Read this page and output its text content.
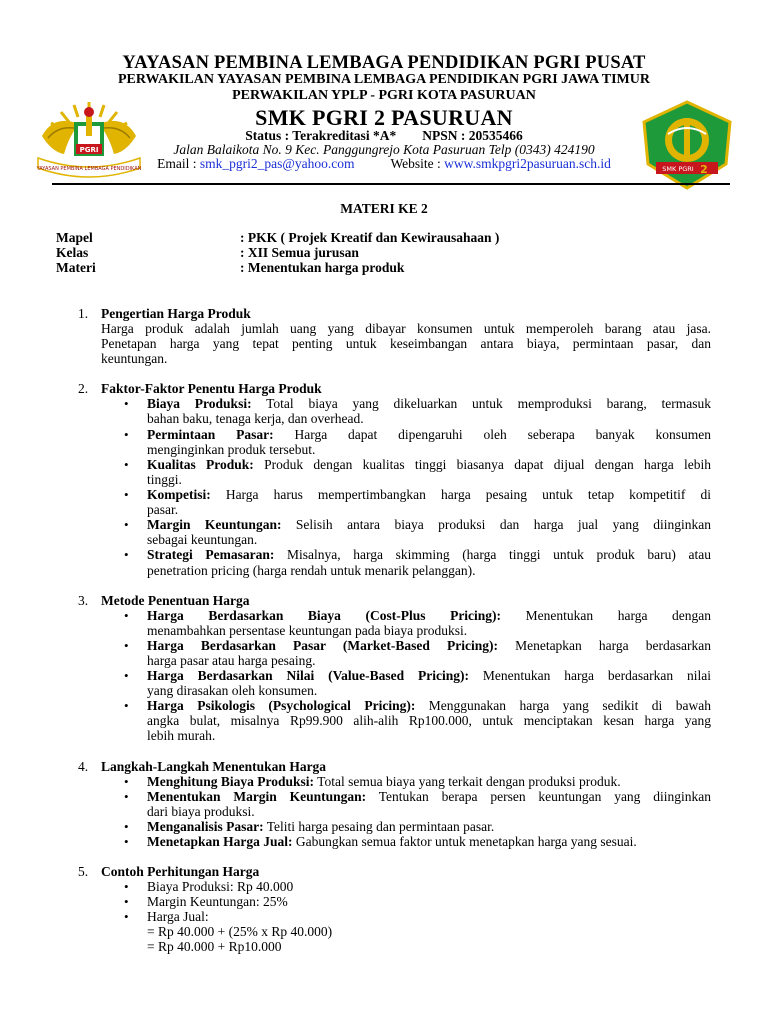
PGRI
YAYASAN PEMBINA LEMBAGA PENDIDIKAN	SMK PGRI 2
YAYASAN PEMBINA LEMBAGA PENDIDIKAN PGRI PUSAT
PERWAKILAN YAYASAN PEMBINA LEMBAGA PENDIDIKAN PGRI JAWA TIMUR
PERWAKILAN YPLP - PGRI KOTA PASURUAN
SMK PGRI 2 PASURUAN
Status : Terakreditasi *A* NPSN : 20535466
Jalan Balaikota No. 9 Kec. Panggungrejo Kota Pasuruan Telp (0343) 424190
Email : smk_pgri2_pas@yahoo.com	Website : www.smkpgri2pasuruan.sch.id
MATERI KE 2
Mapel	: PKK ( Projek Kreatif dan Kewirausahaan )
Kelas	: XII Semua jurusan
Materi	: Menentukan harga produk
1. Pengertian Harga Produk
Harga produk adalah jumlah uang yang dibayar konsumen untuk memperoleh barang atau jasa.
Penetapan harga yang tepat penting untuk keseimbangan antara biaya, permintaan pasar, dan
keuntungan.
2. Faktor-Faktor Penentu Harga Produk
• Biaya Produksi: Total biaya yang dikeluarkan untuk memproduksi barang, termasuk
bahan baku, tenaga kerja, dan overhead.
• Permintaan Pasar: Harga dapat dipengaruhi oleh seberapa banyak konsumen
menginginkan produk tersebut.
• Kualitas Produk: Produk dengan kualitas tinggi biasanya dapat dijual dengan harga lebih
tinggi.
• Kompetisi: Harga harus mempertimbangkan harga pesaing untuk tetap kompetitif di
pasar.
• Margin Keuntungan: Selisih antara biaya produksi dan harga jual yang diinginkan
sebagai keuntungan.
• Strategi Pemasaran: Misalnya, harga skimming (harga tinggi untuk produk baru) atau
penetration pricing (harga rendah untuk menarik pelanggan).
3. Metode Penentuan Harga
• Harga Berdasarkan Biaya (Cost-Plus Pricing): Menentukan harga dengan
menambahkan persentase keuntungan pada biaya produksi.
• Harga Berdasarkan Pasar (Market-Based Pricing): Menetapkan harga berdasarkan
harga pasar atau harga pesaing.
• Harga Berdasarkan Nilai (Value-Based Pricing): Menentukan harga berdasarkan nilai
yang dirasakan oleh konsumen.
• Harga Psikologis (Psychological Pricing): Menggunakan harga yang sedikit di bawah
angka bulat, misalnya Rp99.900 alih-alih Rp100.000, untuk menciptakan kesan harga yang
lebih murah.
4. Langkah-Langkah Menentukan Harga
• Menghitung Biaya Produksi: Total semua biaya yang terkait dengan produksi produk.
• Menentukan Margin Keuntungan: Tentukan berapa persen keuntungan yang diinginkan
dari biaya produksi.
• Menganalisis Pasar: Teliti harga pesaing dan permintaan pasar.
• Menetapkan Harga Jual: Gabungkan semua faktor untuk menetapkan harga yang sesuai.
5. Contoh Perhitungan Harga
• Biaya Produksi: Rp 40.000
• Margin Keuntungan: 25%
• Harga Jual:
= Rp 40.000 + (25% x Rp 40.000)
= Rp 40.000 + Rp10.000
